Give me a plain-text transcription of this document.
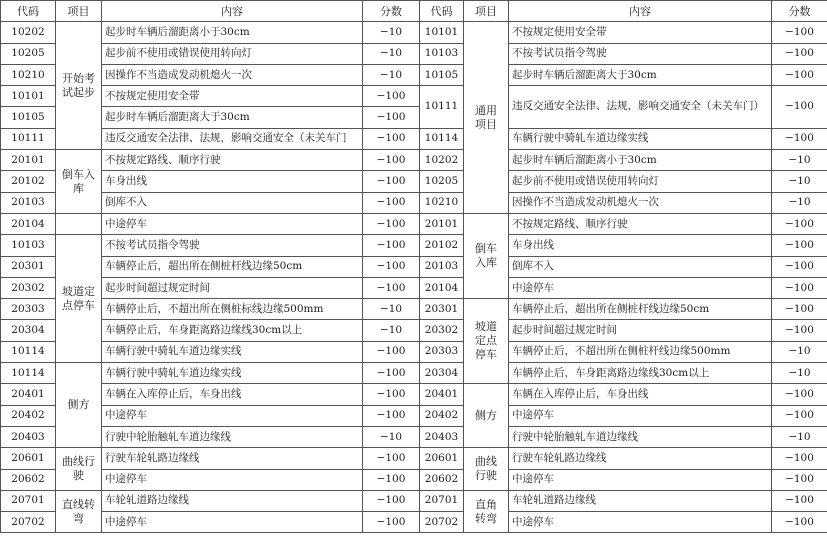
代码	项目	内容	分数	代码	项目	内容	分数
10202	开始考试起步	起步时车辆后溜距离小于30cm	−10	10101	通用项目	不按规定使用安全带	−100
10205		起步前不使用或错误使用转向灯	−10	10103		不按考试员指令驾驶	−100
10210		因操作不当造成发动机熄火一次	−10	10105		起步时车辆后溜距离大于30cm	−100
10101		不按规定使用安全带	−100	10111		违反交通安全法律、法规，影响交通安全（未关车门）	−100
10105		起步时车辆后溜距离大于30cm	−100				
10111		违反交通安全法律、法规，影响交通安全（未关车门	−100	10114		车辆行驶中骑轧车道边缘实线	−100
20101	倒车入库	不按规定路线、顺序行驶	−100	10202		起步时车辆后溜距离小于30cm	−10
20102		车身出线	−100	10205		起步前不使用或错误使用转向灯	−10
20103		倒库不入	−100	10210		因操作不当造成发动机熄火一次	−10
20104		中途停车	−100	20101	倒车入库	不按规定路线、顺序行驶	−100
10103	坡道定点停车	不按考试员指令驾驶	−100	20102		车身出线	−100
20301		车辆停止后，超出所在侧桩杆线边缘50cm	−100	20103		倒库不入	−100
20302		起步时间超过规定时间	−100	20104		中途停车	−100
20303		车辆停止后，不超出所在侧桩标线边缘500mm	−10	20301	坡道定点停车	车辆停止后，超出所在侧桩杆线边缘50cm	−100
20304		车辆停止后，车身距离路边缘线30cm以上	−10	20302		起步时间超过规定时间	−100
10114		车辆行驶中骑轧车道边缘实线	−100	20303		车辆停止后，不超出所在侧桩杆线边缘500mm	−10
10114	侧方	车辆行驶中骑轧车道边缘实线	−100	20304		车辆停止后，车身距离路边缘线30cm以上	−10
20401		车辆在入库停止后，车身出线	−100	20401	侧方	车辆在入库停止后，车身出线	−100
20402		中途停车	−100	20402		中途停车	−100
20403		行驶中轮胎触轧车道边缘线	−10	20403		行驶中轮胎触轧车道边缘线	−10
20601	曲线行驶	行驶车轮轧路边缘线	−100	20601	曲线行驶	行驶车轮轧路边缘线	−100
20602		中途停车	−100	20602		中途停车	−100
20701	直线转弯	车轮轧道路边缘线	−100	20701	直角转弯	车轮轧道路边缘线	−100
20702		中途停车	−100	20702		中途停车	−100
